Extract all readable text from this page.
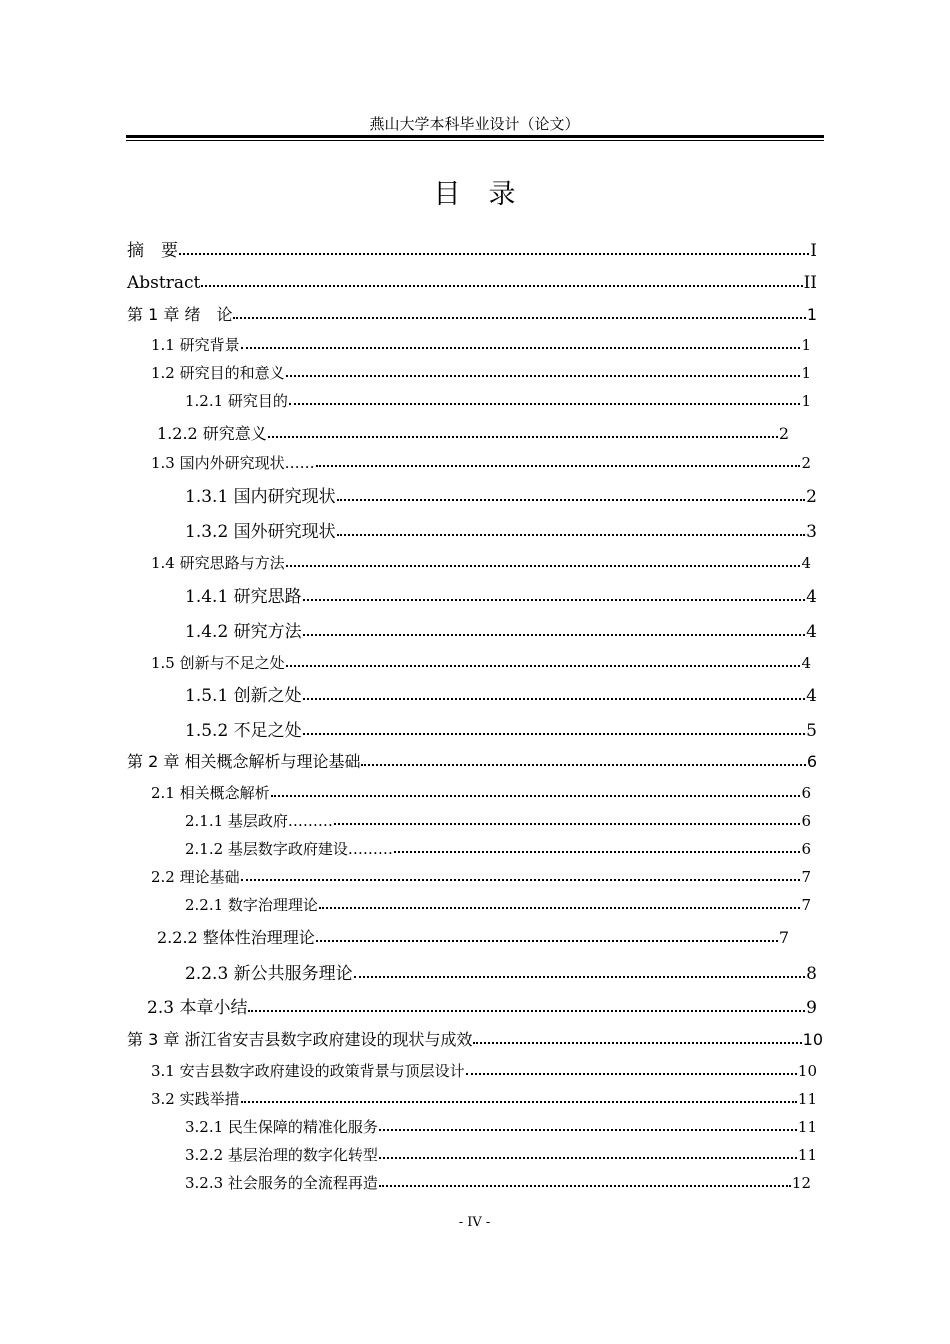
燕山大学本科毕业设计（论文）
目录
摘　要	I
Abstract	II
第 1 章 绪　论	1
1.1 研究背景	1
1.2 研究目的和意义	1
1.2.1 研究目的	1
1.2.2 研究意义	2
1.3 国内外研究现状……	2
1.3.1 国内研究现状	2
1.3.2 国外研究现状	3
1.4 研究思路与方法	4
1.4.1 研究思路	4
1.4.2 研究方法	4
1.5 创新与不足之处	4
1.5.1 创新之处	4
1.5.2 不足之处	5
第 2 章 相关概念解析与理论基础	6
2.1 相关概念解析	6
2.1.1 基层政府………	6
2.1.2 基层数字政府建设………	6
2.2 理论基础	7
2.2.1 数字治理理论	7
2.2.2 整体性治理理论	7
2.2.3 新公共服务理论	8
2.3 本章小结	9
第 3 章 浙江省安吉县数字政府建设的现状与成效	10
3.1 安吉县数字政府建设的政策背景与顶层设计	10
3.2 实践举措	11
3.2.1 民生保障的精准化服务	11
3.2.2 基层治理的数字化转型	11
3.2.3 社会服务的全流程再造	12
- IV -
